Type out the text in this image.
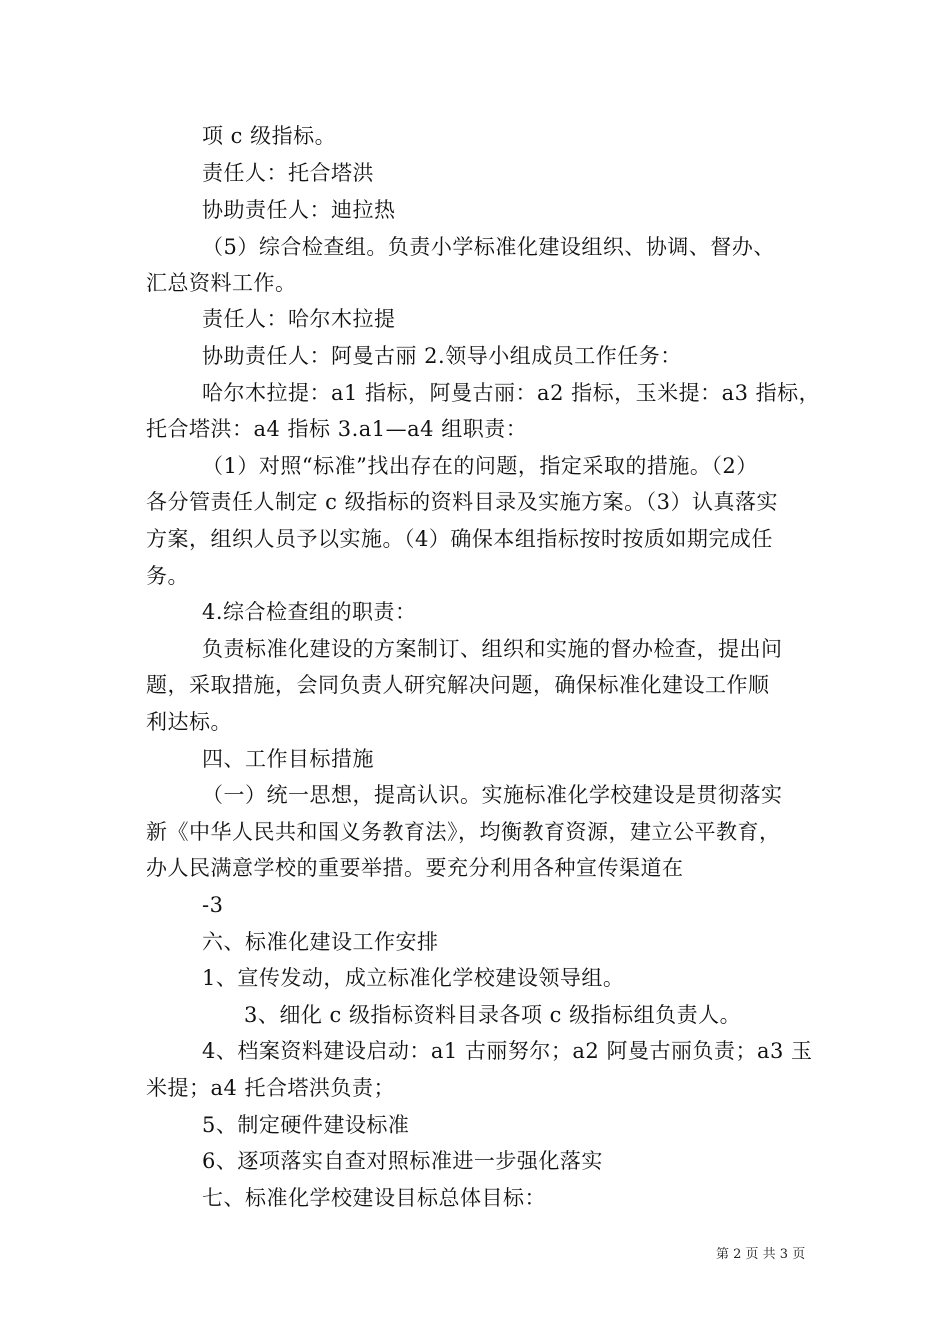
项 c 级指标。
责任人：托合塔洪
协助责任人：迪拉热
（5）综合检查组。负责小学标准化建设组织、协调、督办、
汇总资料工作。
责任人：哈尔木拉提
协助责任人：阿曼古丽 2.领导小组成员工作任务：
哈尔木拉提：a1 指标，阿曼古丽：a2 指标，玉米提：a3 指标，
托合塔洪：a4 指标 3.a1—a4 组职责：
（1）对照“标准”找出存在的问题，指定采取的措施。（2）
各分管责任人制定 c 级指标的资料目录及实施方案。（3）认真落实
方案，组织人员予以实施。（4）确保本组指标按时按质如期完成任
务。
4.综合检查组的职责：
负责标准化建设的方案制订、组织和实施的督办检查，提出问
题，采取措施，会同负责人研究解决问题，确保标准化建设工作顺
利达标。
四、工作目标措施
（一）统一思想，提高认识。实施标准化学校建设是贯彻落实
新《中华人民共和国义务教育法》，均衡教育资源，建立公平教育，
办人民满意学校的重要举措。要充分利用各种宣传渠道在
-3
六、标准化建设工作安排
1、宣传发动，成立标准化学校建设领导组。
3、细化 c 级指标资料目录各项 c 级指标组负责人。
4、档案资料建设启动：a1 古丽努尔；a2 阿曼古丽负责；a3 玉
米提；a4 托合塔洪负责；
5、制定硬件建设标准
6、逐项落实自查对照标准进一步强化落实
七、标准化学校建设目标总体目标：
第 2 页 共 3 页
